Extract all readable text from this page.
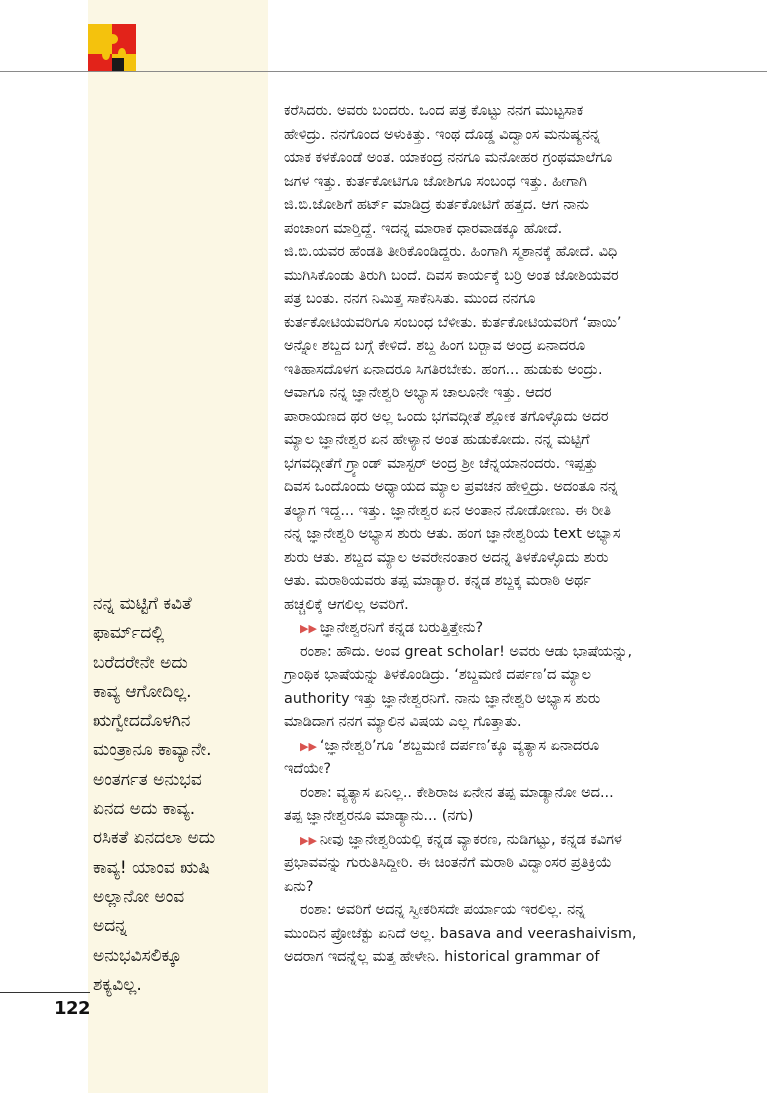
ನನ್ನ ಮಟ್ಟಿಗೆ ಕವಿತೆ

ಫಾರ್ಮ್‌ದಲ್ಲಿ

ಬರೆದರೇನೇ ಅದು

ಕಾವ್ಯ ಆಗೋದಿಲ್ಲ.

ಋಗ್ವೇದದೊಳಗಿನ

ಮಂತ್ರಾನೂ ಕಾವ್ಯಾನೇ.

ಅಂತರ್ಗತ ಅನುಭವ

ಏನದ ಅದು ಕಾವ್ಯ.

ರಸಿಕತೆ ಏನದಲಾ ಅದು

ಕಾವ್ಯ! ಯಾಂವ ಋಷಿ

ಅಲ್ಲಾನೋ ಅಂವ

ಅದನ್ನ

ಅನುಭವಿಸಲಿಕ್ಕೂ

ಶಕ್ಯವಿಲ್ಲ.

122

ಕರೆಸಿದರು. ಅವರು ಬಂದರು. ಒಂದ ಪತ್ರ ಕೊಟ್ಟು ನನಗ ಮುಟ್ಟಸಾಕ

ಹೇಳಿದ್ರು. ನನಗೊಂದ ಅಳುಕಿತ್ತು. ಇಂಥ ದೊಡ್ಡ ವಿದ್ವಾಂಸ ಮನುಷ್ಯನನ್ನ

ಯಾಕ ಕಳಕೊಂಡೆ ಅಂತ. ಯಾಕಂದ್ರ ನನಗೂ ಮನೋಹರ ಗ್ರಂಥಮಾಲೆಗೂ

ಜಗಳ ಇತ್ತು. ಕುರ್ತಕೋಟಿಗೂ ಜೋಶಿಗೂ ಸಂಬಂಧ ಇತ್ತು. ಹೀಗಾಗಿ

ಜಿ.ಬಿ.ಜೋಶಿಗೆ ಹರ್ಟ್ ಮಾಡಿದ್ರ ಕುರ್ತಕೋಟಿಗೆ ಹತ್ತದ. ಆಗ ನಾನು

ಪಂಚಾಂಗ ಮಾರ್‍ತಿದ್ದೆ. ಇದನ್ನ ಮಾರಾಕ ಧಾರವಾಡಕ್ಕೂ ಹೋದೆ.

ಜಿ.ಬಿ.ಯವರ ಹೆಂಡತಿ ತೀರಿಕೊಂಡಿದ್ದರು. ಹಿಂಗಾಗಿ ಸ್ಮಶಾನಕ್ಕೆ ಹೋದೆ. ವಿಧಿ

ಮುಗಿಸಿಕೊಂಡು ತಿರುಗಿ ಬಂದೆ. ದಿವಸ ಕಾರ್ಯಕ್ಕೆ ಬರ್‍ರಿ ಅಂತ ಜೋಶಿಯವರ

ಪತ್ರ ಬಂತು. ನನಗ ನಿಮಿತ್ತ ಸಾಕೆನಿಸಿತು. ಮುಂದ ನನಗೂ

ಕುರ್ತಕೋಟಿಯವರಿಗೂ ಸಂಬಂಧ ಬೆಳೀತು. ಕುರ್ತಕೋಟಿಯವರಿಗೆ ‘ಪಾಯಿ’

ಅನ್ನೋ ಶಬ್ದದ ಬಗ್ಗೆ ಕೇಳಿದೆ. ಶಬ್ದ ಹಿಂಗ ಬರ್‍ಬಾವ ಅಂದ್ರ ಏನಾದರೂ

ಇತಿಹಾಸದೊಳಗ ಏನಾದರೂ ಸಿಗತಿರಬೇಕು. ಹಂಗ... ಹುಡುಕು ಅಂದ್ರು.

ಆವಾಗೂ ನನ್ನ ಜ್ಞಾನೇಶ್ವರಿ ಅಭ್ಯಾಸ ಚಾಲೂನೇ ಇತ್ತು. ಆದರ

ಪಾರಾಯಣದ ಥರ ಅಲ್ಲ ಒಂದು ಭಗವದ್ಗೀತೆ ಶ್ಲೋಕ ತಗೊಳ್ಳೊದು ಅದರ

ಮ್ಯಾಲ ಜ್ಞಾನೇಶ್ವರ ಏನ ಹೇಳ್ಯಾನ ಅಂತ ಹುಡುಕೋದು. ನನ್ನ ಮಟ್ಟಿಗೆ

ಭಗವದ್ಗೀತೆಗೆ ಗ್ರ್ಯಾಂಡ್ ಮಾಸ್ಟರ್ ಅಂದ್ರ ಶ್ರೀ ಚೆನ್ನಯಾನಂದರು. ಇಪ್ಪತ್ತು

ದಿವಸ ಒಂದೊಂದು ಅಧ್ಯಾಯದ ಮ್ಯಾಲ ಪ್ರವಚನ ಹೇಳ್ತಿದ್ರು. ಅದಂತೂ ನನ್ನ

ತಲ್ಯಾಗ ಇದ್ದ... ಇತ್ತು. ಜ್ಞಾನೇಶ್ವರ ಏನ ಅಂತಾನ ನೋಡೋಣು. ಈ ರೀತಿ

ನನ್ನ ಜ್ಞಾನೇಶ್ವರಿ ಅಭ್ಯಾಸ ಶುರು ಆತು. ಹಂಗ ಜ್ಞಾನೇಶ್ವರಿಯ text ಅಭ್ಯಾಸ

ಶುರು ಆತು. ಶಬ್ದದ ಮ್ಯಾಲ ಅವರೇನಂತಾರ ಅದನ್ನ ತಿಳಕೊಳ್ಳೊದು ಶುರು

ಆತು. ಮರಾಠಿಯವರು ತಪ್ಪ ಮಾಡ್ಯಾರ. ಕನ್ನಡ ಶಬ್ದಕ್ಕ ಮರಾಠಿ ಅರ್ಥ

ಹಚ್ಚಲಿಕ್ಕೆ ಆಗಲಿಲ್ಲ ಅವರಿಗೆ.

▶▶ ಜ್ಞಾನೇಶ್ವರನಿಗೆ ಕನ್ನಡ ಬರುತ್ತಿತ್ತೇನು?

ರಂಶಾ: ಹೌದು. ಅಂವ great scholar! ಅವರು ಆಡು ಭಾಷೆಯನ್ನು,

ಗ್ರಾಂಥಿಕ ಭಾಷೆಯನ್ನು ತಿಳಕೊಂಡಿದ್ರು. ‘ಶಬ್ದಮಣಿ ದರ್ಪಣ’ದ ಮ್ಯಾಲ

authority ಇತ್ತು ಜ್ಞಾನೇಶ್ವರನಿಗೆ. ನಾನು ಜ್ಞಾನೇಶ್ವರಿ ಅಭ್ಯಾಸ ಶುರು

ಮಾಡಿದಾಗ ನನಗ ಮ್ಯಾಲಿನ ವಿಷಯ ಎಲ್ಲ ಗೊತ್ತಾತು.

▶▶ ‘ಜ್ಞಾನೇಶ್ವರಿ’ಗೂ ‘ಶಬ್ದಮಣಿ ದರ್ಪಣ’ಕ್ಕೂ ವ್ಯತ್ಯಾಸ ಏನಾದರೂ

ಇದೆಯೇ?

ರಂಶಾ: ವ್ಯತ್ಯಾಸ ಏನಿಲ್ಲ.. ಕೇಶಿರಾಜ ಏನೇನ ತಪ್ಪ ಮಾಡ್ಯಾನೋ ಅದ...

ತಪ್ಪ ಜ್ಞಾನೇಶ್ವರನೂ ಮಾಡ್ಯಾನು... (ನಗು)

▶▶ ನೀವು ಜ್ಞಾನೇಶ್ವರಿಯಲ್ಲಿ ಕನ್ನಡ ವ್ಯಾಕರಣ, ನುಡಿಗಟ್ಟು, ಕನ್ನಡ ಕವಿಗಳ

ಪ್ರಭಾವವನ್ನು ಗುರುತಿಸಿದ್ದೀರಿ. ಈ ಚಿಂತನೆಗೆ ಮರಾಠಿ ವಿದ್ವಾಂಸರ ಪ್ರತಿಕ್ರಿಯೆ

ಏನು?

ರಂಶಾ: ಅವರಿಗೆ ಅದನ್ನ ಸ್ವೀಕರಿಸದೇ ಪರ್ಯಾಯ ಇರಲಿಲ್ಲ. ನನ್ನ

ಮುಂದಿನ ಪ್ರೋಜೆಕ್ಟು ಏನಿದೆ ಅಲ್ಲ. basava and veerashaivism,

ಅದರಾಗ ಇದನ್ನೆಲ್ಲ ಮತ್ತ ಹೇಳೇನಿ. historical grammar of
